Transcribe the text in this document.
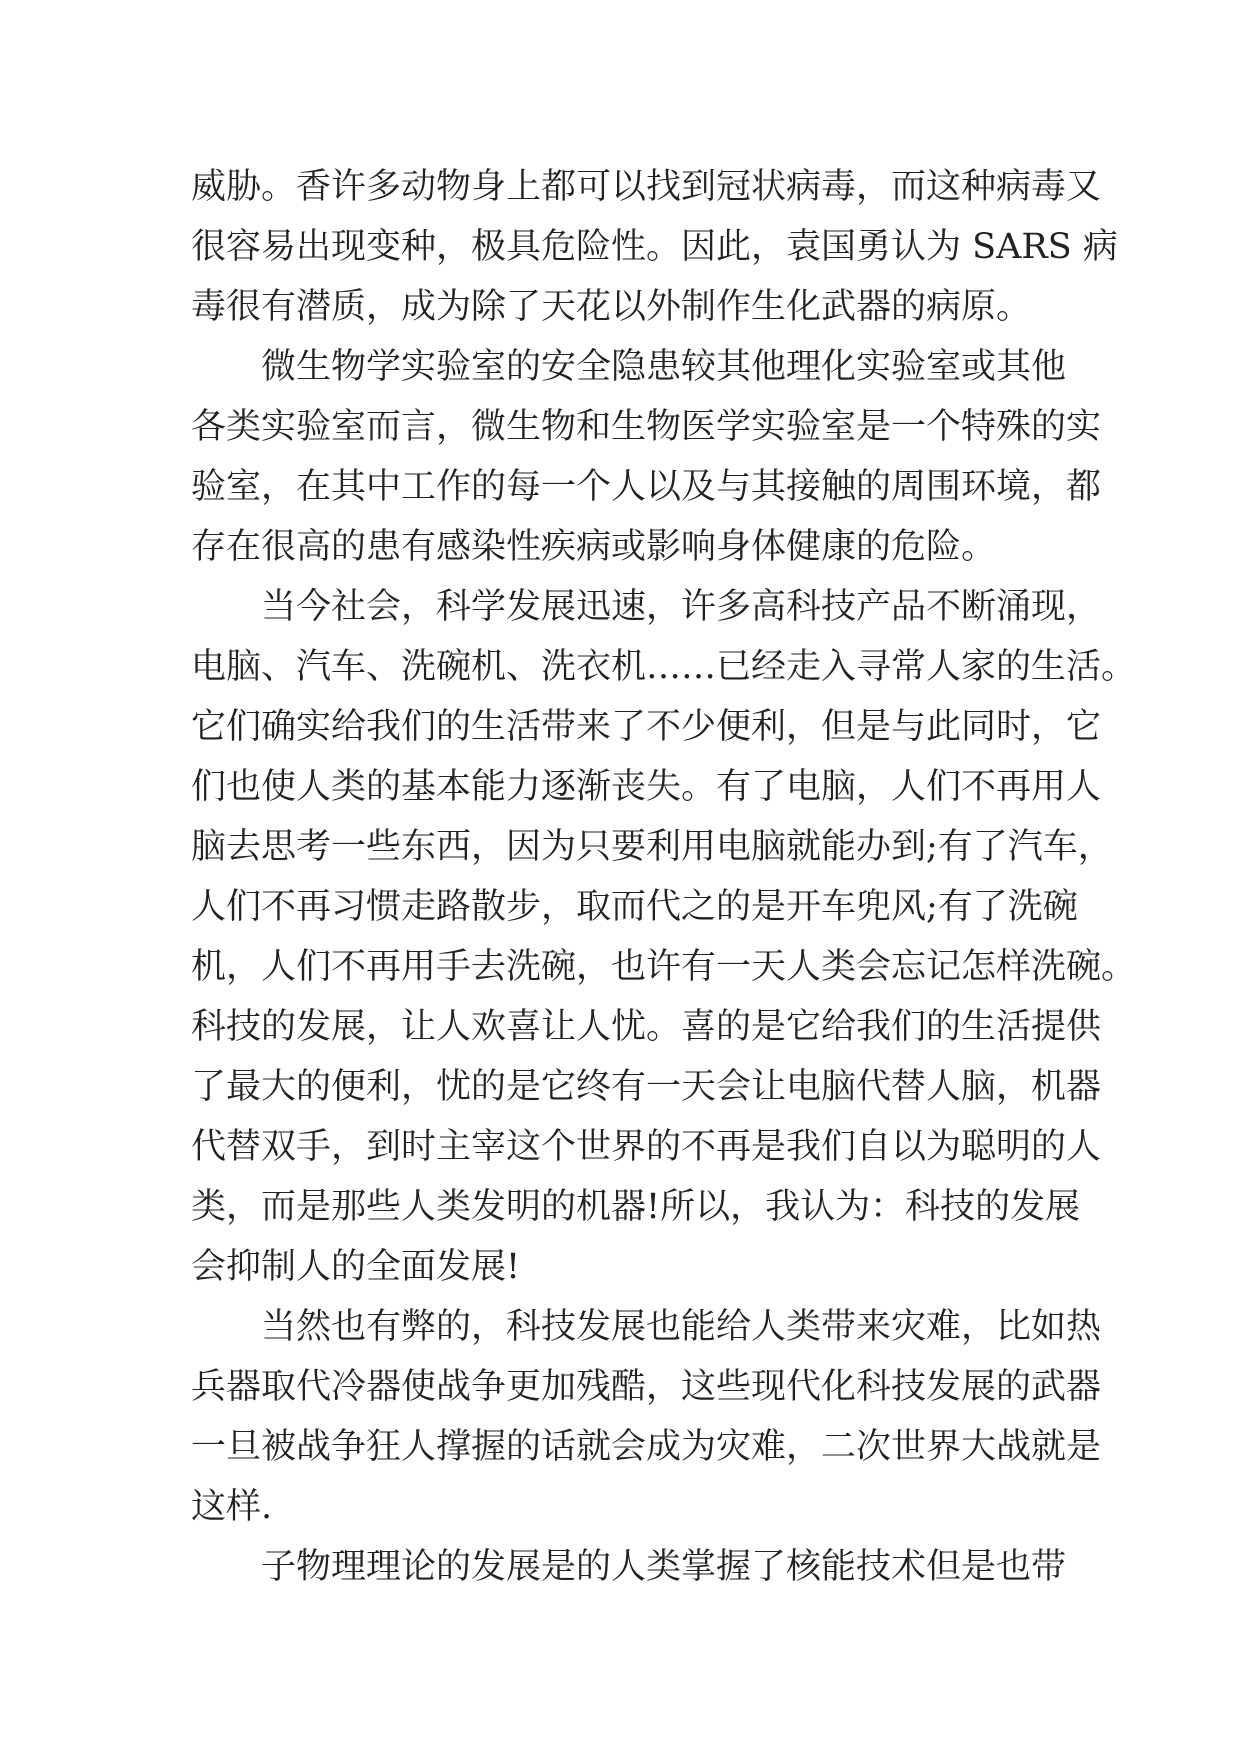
威胁。香许多动物身上都可以找到冠状病毒，而这种病毒又
很容易出现变种，极具危险性。因此，袁国勇认为 SARS 病
毒很有潜质，成为除了天花以外制作生化武器的病原。
微生物学实验室的安全隐患较其他理化实验室或其他
各类实验室而言，微生物和生物医学实验室是一个特殊的实
验室，在其中工作的每一个人以及与其接触的周围环境，都
存在很高的患有感染性疾病或影响身体健康的危险。
当今社会，科学发展迅速，许多高科技产品不断涌现，
电脑、汽车、洗碗机、洗衣机……已经走入寻常人家的生活。
它们确实给我们的生活带来了不少便利，但是与此同时，它
们也使人类的基本能力逐渐丧失。有了电脑，人们不再用人
脑去思考一些东西，因为只要利用电脑就能办到;有了汽车，
人们不再习惯走路散步，取而代之的是开车兜风;有了洗碗
机，人们不再用手去洗碗，也许有一天人类会忘记怎样洗碗。
科技的发展，让人欢喜让人忧。喜的是它给我们的生活提供
了最大的便利，忧的是它终有一天会让电脑代替人脑，机器
代替双手，到时主宰这个世界的不再是我们自以为聪明的人
类，而是那些人类发明的机器!所以，我认为：科技的发展
会抑制人的全面发展!
当然也有弊的，科技发展也能给人类带来灾难，比如热
兵器取代冷器使战争更加残酷，这些现代化科技发展的武器
一旦被战争狂人撑握的话就会成为灾难，二次世界大战就是
这样.
子物理理论的发展是的人类掌握了核能技术但是也带
